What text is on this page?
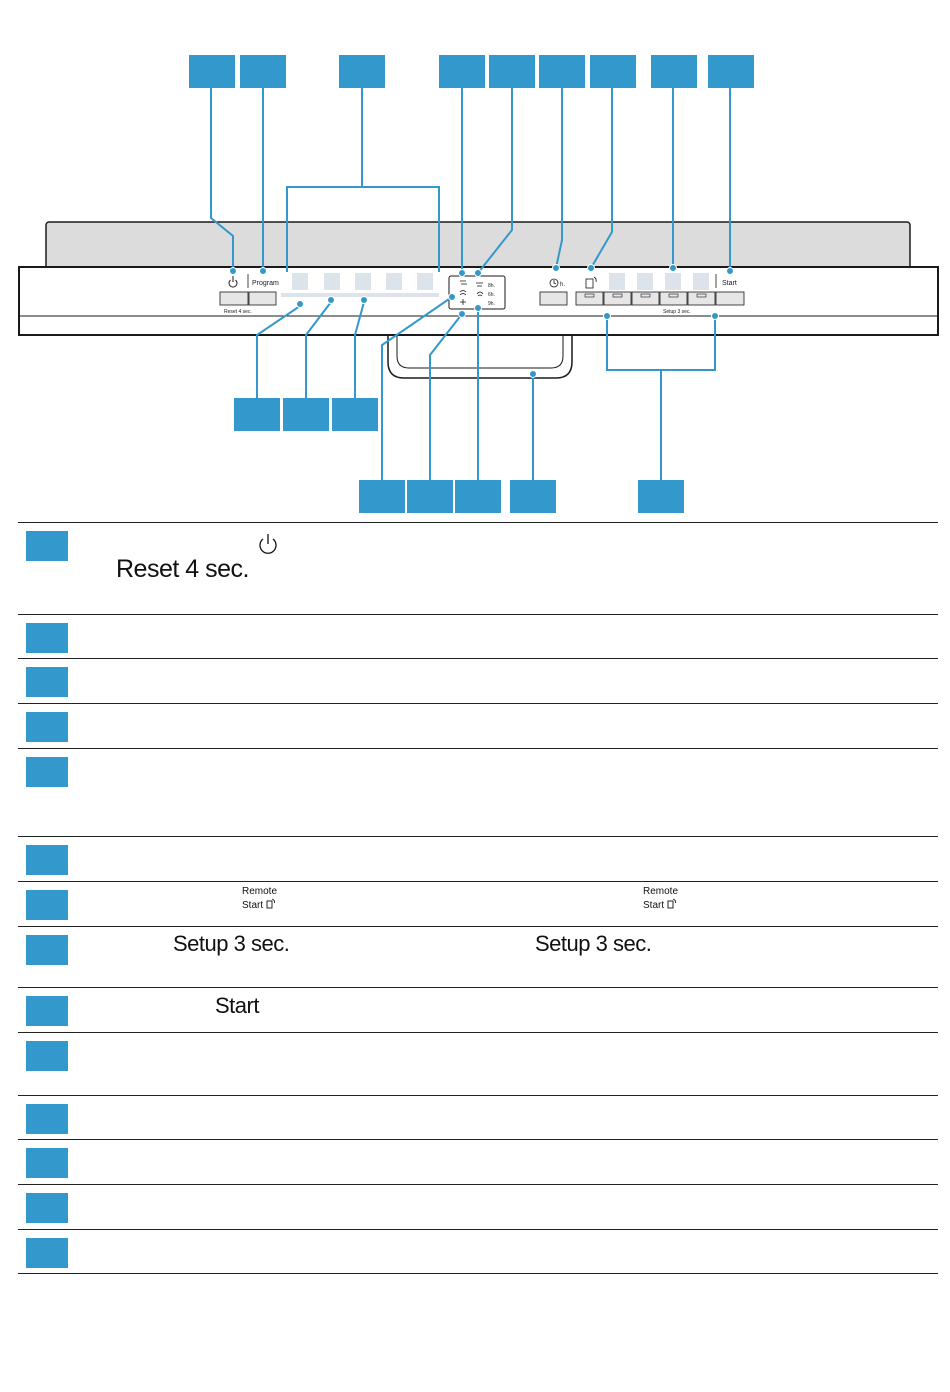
Program
Reset 4 sec.
8h.
6h.
9h.
h.	Start
Setup 3 sec.
Reset 4 sec.
Remote
Start
Remote
Start
Setup 3 sec.	Setup 3 sec.
Start
